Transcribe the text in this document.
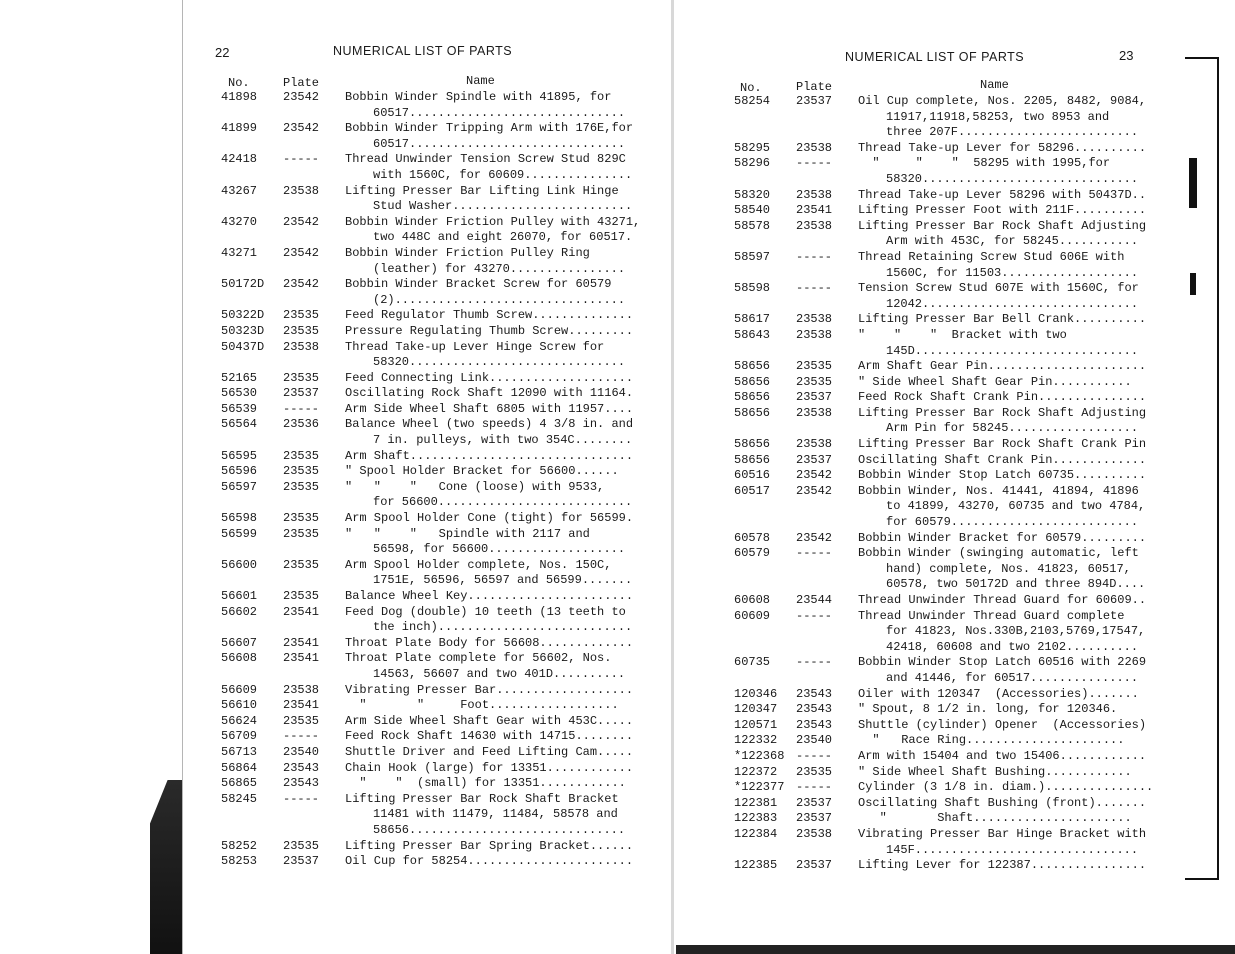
22	NUMERICAL LIST OF PARTS
No.	Plate	Name
41898	23542	Bobbin Winder Spindle with 41895, for
60517..............................
41899	23542	Bobbin Winder Tripping Arm with 176E,for
60517..............................
42418	-----	Thread Unwinder Tension Screw Stud 829C
with 1560C, for 60609...............
43267	23538	Lifting Presser Bar Lifting Link Hinge
Stud Washer.........................
43270	23542	Bobbin Winder Friction Pulley with 43271,
two 448C and eight 26070, for 60517.
43271	23542	Bobbin Winder Friction Pulley Ring
(leather) for 43270................
50172D	23542	Bobbin Winder Bracket Screw for 60579
(2)................................
50322D	23535	Feed Regulator Thumb Screw..............
50323D	23535	Pressure Regulating Thumb Screw.........
50437D	23538	Thread Take-up Lever Hinge Screw for
58320..............................
52165	23535	Feed Connecting Link....................
56530	23537	Oscillating Rock Shaft 12090 with 11164.
56539	-----	Arm Side Wheel Shaft 6805 with 11957....
56564	23536	Balance Wheel (two speeds) 4 3/8 in. and
7 in. pulleys, with two 354C........
56595	23535	Arm Shaft...............................
56596	23535	" Spool Holder Bracket for 56600......
56597	23535	"   "    "   Cone (loose) with 9533,
for 56600...........................
56598	23535	Arm Spool Holder Cone (tight) for 56599.
56599	23535	"   "    "   Spindle with 2117 and
56598, for 56600...................
56600	23535	Arm Spool Holder complete, Nos. 150C,
1751E, 56596, 56597 and 56599.......
56601	23535	Balance Wheel Key.......................
56602	23541	Feed Dog (double) 10 teeth (13 teeth to
the inch)...........................
56607	23541	Throat Plate Body for 56608.............
56608	23541	Throat Plate complete for 56602, Nos.
14563, 56607 and two 401D..........
56609	23538	Vibrating Presser Bar...................
56610	23541	"       "     Foot..................
56624	23535	Arm Side Wheel Shaft Gear with 453C.....
56709	-----	Feed Rock Shaft 14630 with 14715........
56713	23540	Shuttle Driver and Feed Lifting Cam.....
56864	23543	Chain Hook (large) for 13351............
56865	23543	"    "  (small) for 13351............
58245	-----	Lifting Presser Bar Rock Shaft Bracket
11481 with 11479, 11484, 58578 and
58656..............................
58252	23535	Lifting Presser Bar Spring Bracket......
58253	23537	Oil Cup for 58254.......................
NUMERICAL LIST OF PARTS	23
No.	Plate	Name
58254	23537	Oil Cup complete, Nos. 2205, 8482, 9084,
11917,11918,58253, two 8953 and
three 207F.........................
58295	23538	Thread Take-up Lever for 58296..........
58296	-----	"     "    "  58295 with 1995,for
58320..............................
58320	23538	Thread Take-up Lever 58296 with 50437D..
58540	23541	Lifting Presser Foot with 211F..........
58578	23538	Lifting Presser Bar Rock Shaft Adjusting
Arm with 453C, for 58245...........
58597	-----	Thread Retaining Screw Stud 606E with
1560C, for 11503...................
58598	-----	Tension Screw Stud 607E with 1560C, for
12042..............................
58617	23538	Lifting Presser Bar Bell Crank..........
58643	23538	"    "    "  Bracket with two
145D...............................
58656	23535	Arm Shaft Gear Pin......................
58656	23535	" Side Wheel Shaft Gear Pin...........
58656	23537	Feed Rock Shaft Crank Pin...............
58656	23538	Lifting Presser Bar Rock Shaft Adjusting
Arm Pin for 58245..................
58656	23538	Lifting Presser Bar Rock Shaft Crank Pin
58656	23537	Oscillating Shaft Crank Pin.............
60516	23542	Bobbin Winder Stop Latch 60735..........
60517	23542	Bobbin Winder, Nos. 41441, 41894, 41896
to 41899, 43270, 60735 and two 4784,
for 60579..........................
60578	23542	Bobbin Winder Bracket for 60579.........
60579	-----	Bobbin Winder (swinging automatic, left
hand) complete, Nos. 41823, 60517,
60578, two 50172D and three 894D....
60608	23544	Thread Unwinder Thread Guard for 60609..
60609	-----	Thread Unwinder Thread Guard complete
for 41823, Nos.330B,2103,5769,17547,
42418, 60608 and two 2102..........
60735	-----	Bobbin Winder Stop Latch 60516 with 2269
and 41446, for 60517...............
120346	23543	Oiler with 120347  (Accessories).......
120347	23543	" Spout, 8 1/2 in. long, for 120346.
120571	23543	Shuttle (cylinder) Opener  (Accessories)
122332	23540	"   Race Ring......................
*122368 -----	Arm with 15404 and two 15406............
122372	23535	" Side Wheel Shaft Bushing............
*122377 -----	Cylinder (3 1/8 in. diam.)...............
122381	23537	Oscillating Shaft Bushing (front).......
122383	23537	"       Shaft......................
122384	23538	Vibrating Presser Bar Hinge Bracket with
145F...............................
122385	23537	Lifting Lever for 122387................
